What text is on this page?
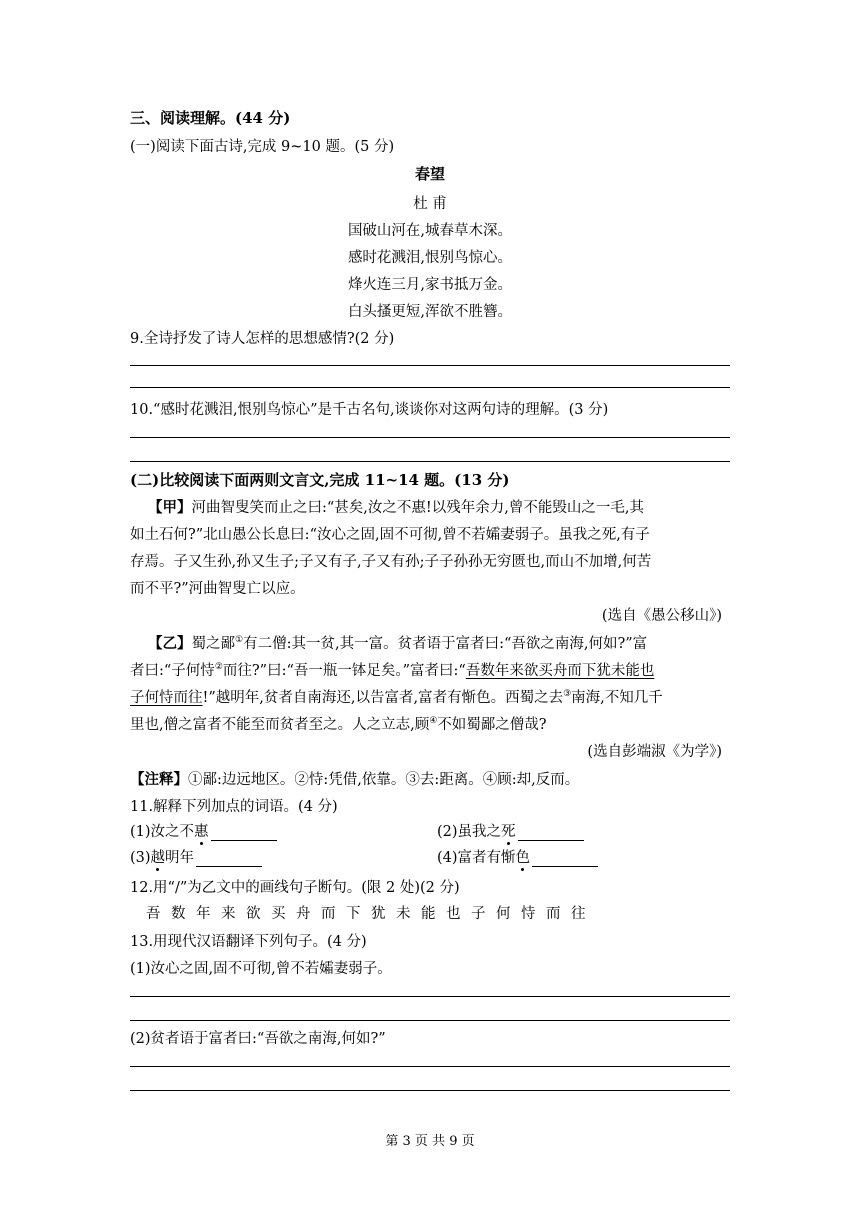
三、阅读理解。(44 分)
(一)阅读下面古诗,完成 9~10 题。(5 分)
春望
杜 甫
国破山河在,城春草木深。
感时花溅泪,恨别鸟惊心。
烽火连三月,家书抵万金。
白头搔更短,浑欲不胜簪。
9.全诗抒发了诗人怎样的思想感情?(2 分)
10.“感时花溅泪,恨别鸟惊心”是千古名句,谈谈你对这两句诗的理解。(3 分)
(二)比较阅读下面两则文言文,完成 11~14 题。(13 分)
【甲】河曲智叟笑而止之曰:“甚矣,汝之不惠!以残年余力,曾不能毁山之一毛,其
如土石何?”北山愚公长息曰:“汝心之固,固不可彻,曾不若孀妻弱子。虽我之死,有子
存焉。子又生孙,孙又生子;子又有子,子又有孙;子子孙孙无穷匮也,而山不加增,何苦
而不平?”河曲智叟亡以应。
(选自《愚公移山》)
【乙】蜀之鄙①有二僧:其一贫,其一富。贫者语于富者曰:“吾欲之南海,何如?”富
者曰:“子何恃②而往?”曰:“吾一瓶一钵足矣。”富者曰:“吾数年来欲买舟而下犹未能也
子何恃而往!”越明年,贫者自南海还,以告富者,富者有惭色。西蜀之去③南海,不知几千
里也,僧之富者不能至而贫者至之。人之立志,顾④不如蜀鄙之僧哉?
(选自彭端淑《为学》)
【注释】①鄙:边远地区。②恃:凭借,依靠。③去:距离。④顾:却,反而。
11.解释下列加点的词语。(4 分)
(1)汝之不惠	(2)虽我之死
(3)越明年	(4)富者有惭色
12.用“/”为乙文中的画线句子断句。(限 2 处)(2 分)
吾数年来欲买舟而下犹未能也子何恃而往
13.用现代汉语翻译下列句子。(4 分)
(1)汝心之固,固不可彻,曾不若孀妻弱子。
(2)贫者语于富者曰:“吾欲之南海,何如?”
第 3 页 共 9 页
